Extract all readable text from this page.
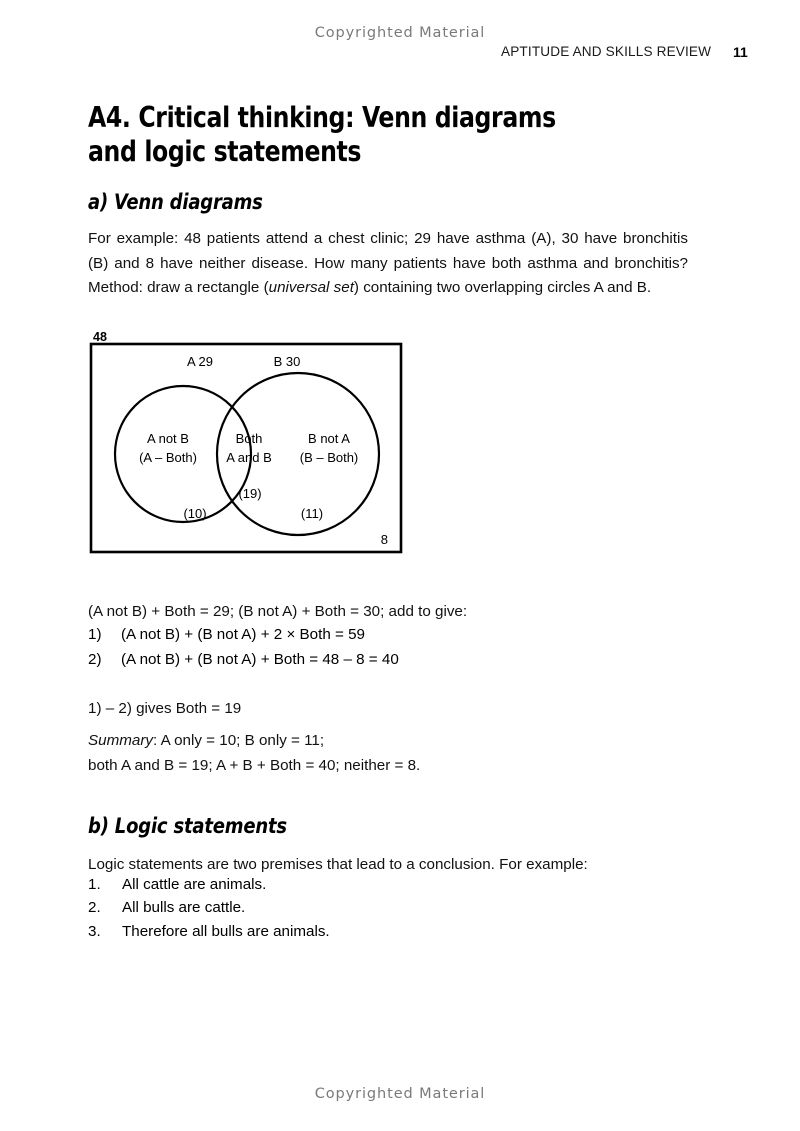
Copyrighted Material
APTITUDE AND SKILLS REVIEW 11
A4. Critical thinking: Venn diagrams and logic statements
a) Venn diagrams

For example: 48 patients attend a chest clinic; 29 have asthma (A), 30 have bronchitis (B) and 8 have neither disease. How many patients have both asthma and bronchitis? Method: draw a rectangle (universal set) containing two overlapping circles A and B.

48
A 29	B 30
A not B
(A – Both)
(10)
Both
A and B
(19)
B not A
(B – Both)
(11)
8

(A not B) + Both = 29; (B not A) + Both = 30; add to give:

1) (A not B) + (B not A) + 2 × Both = 59
2) (A not B) + (B not A) + Both = 48 – 8 = 40

1) – 2) gives Both = 19

Summary: A only = 10; B only = 11;
both A and B = 19; A + B + Both = 40; neither = 8.

b) Logic statements

Logic statements are two premises that lead to a conclusion. For example:

1. All cattle are animals.
2. All bulls are cattle.
3. Therefore all bulls are animals.
Copyrighted Material
